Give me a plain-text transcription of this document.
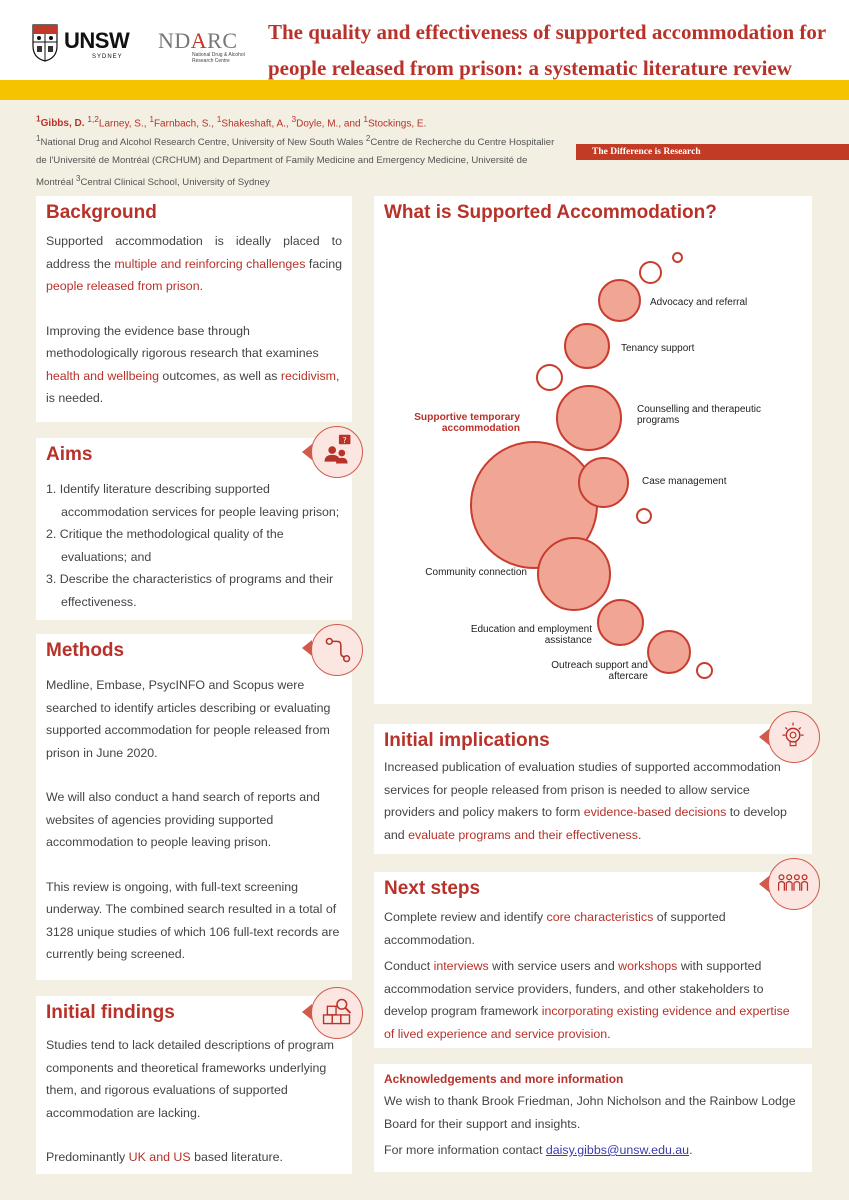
UNSW
SYDNEY
NDARC
National Drug & Alcohol Research Centre
The quality and effectiveness of supported accommodation for people released from prison: a systematic literature review
$^1$Gibbs, D. $^{1,2}$Larney, S., $^1$Farnbach, S., $^1$Shakeshaft, A., $^3$Doyle, M., and $^1$Stockings, E.
$^1$National Drug and Alcohol Research Centre, University of New South Wales $^2$Centre de Recherche du Centre Hospitalier de l'Université de Montréal (CRCHUM) and Department of Family Medicine and Emergency Medicine, Université de Montréal $^3$Central Clinical School, University of Sydney
The Difference is Research
Background

Supported accommodation is ideally placed to address the multiple and reinforcing challenges facing people released from prison.

Improving the evidence base through methodologically rigorous research that examines health and wellbeing outcomes, as well as recidivism, is needed.

Aims
1. Identify literature describing supported accommodation services for people leaving prison;
2. Critique the methodological quality of the evaluations; and
3. Describe the characteristics of programs and their effectiveness.
?
Methods

Medline, Embase, PsycINFO and Scopus were searched to identify articles describing or evaluating supported accommodation for people released from prison in June 2020.

We will also conduct a hand search of reports and websites of agencies providing supported accommodation to people leaving prison.

This review is ongoing, with full-text screening underway. The combined search resulted in a total of 3128 unique studies of which 106 full-text records are currently being screened.

Initial findings

Studies tend to lack detailed descriptions of program components and theoretical frameworks underlying them, and rigorous evaluations of supported accommodation are lacking.

Predominantly UK and US based literature.

What is Supported Accommodation?
Advocacy and referral
Tenancy support
Counselling and therapeutic programs
Supportive temporary accommodation
Case management
Community connection
Education and employment assistance
Outreach support and aftercare
Initial implications

Increased publication of evaluation studies of supported accommodation services for people released from prison is needed to allow service providers and policy makers to form evidence-based decisions to develop and evaluate programs and their effectiveness.

Next steps

Complete review and identify core characteristics of supported accommodation.

Conduct interviews with service users and workshops with supported accommodation service providers, funders, and other stakeholders to develop program framework incorporating existing evidence and expertise of lived experience and service provision.

Acknowledgements and more information

We wish to thank Brook Friedman, John Nicholson and the Rainbow Lodge Board for their support and insights.

For more information contact daisy.gibbs@unsw.edu.au.
